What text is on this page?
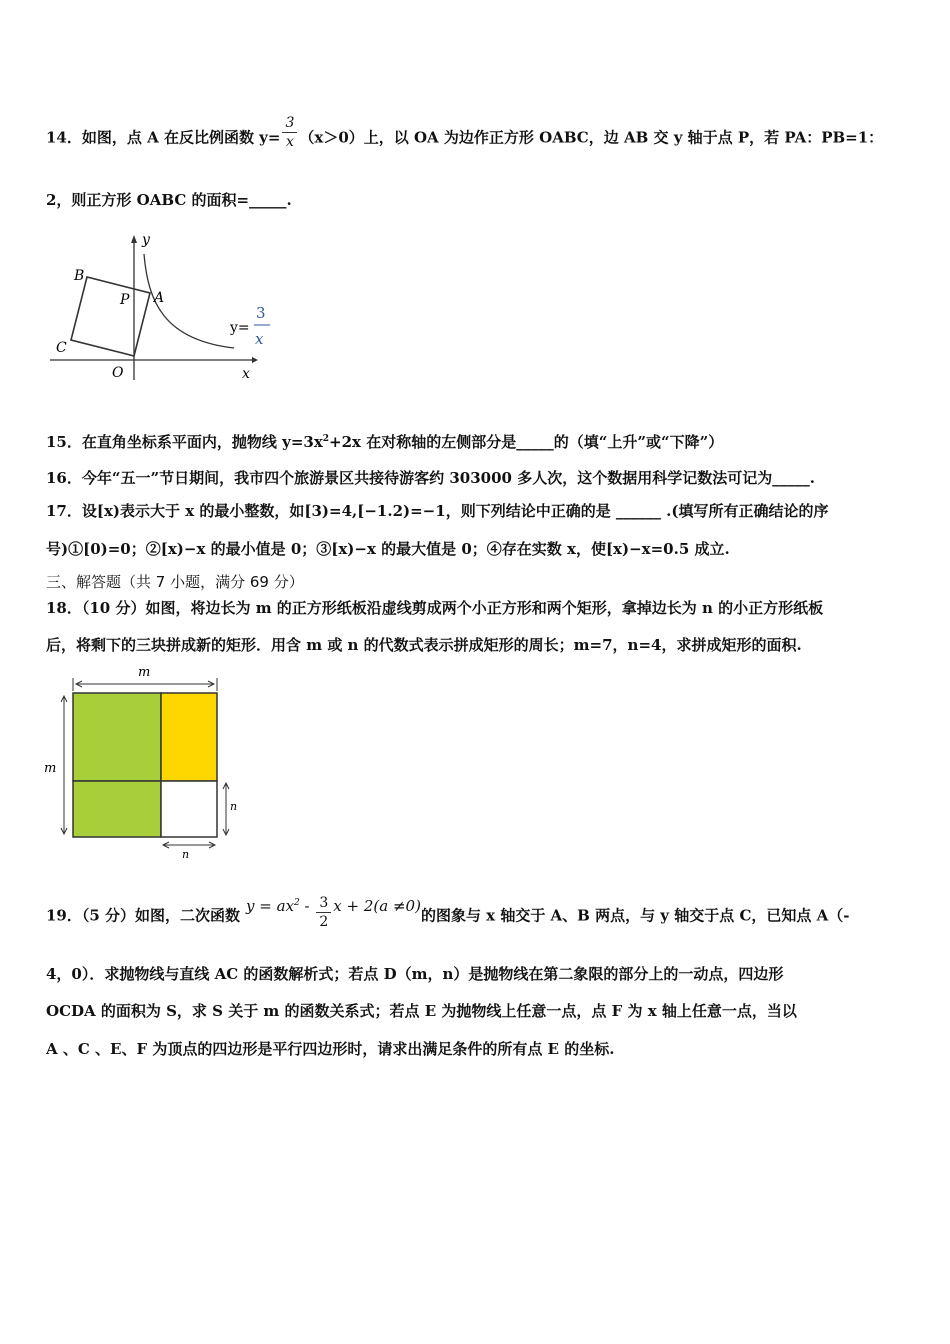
14．如图，点 A 在反比例函数 $y= \frac{3}{x} (x>0)$上，以 OA 为边作正方形 OABC，边 AB 交 y 轴于点 P，若 PA：PB=1：
2，则正方形 OABC 的面积=_____.
y
x
O
A
B
C
P
y=
3
x
15．在直角坐标系平面内，抛物线 $y=3x^2+2x$ 在对称轴的左侧部分是_____的（填“上升”或“下降”）
16．今年“五一”节日期间，我市四个旅游景区共接待游客约 303000 多人次，这个数据用科学记数法可记为_____.
17．设[x)表示大于 x 的最小整数，如[3)=4,[−1.2)=−1，则下列结论中正确的是 ______ .(填写所有正确结论的序
号)①[0)=0；②[x)−x 的最小值是 0；③[x)−x 的最大值是 0；④存在实数 x，使[x)−x=0.5 成立.
三、解答题（共 7 小题，满分 69 分）
18．（10 分）如图，将边长为 m 的正方形纸板沿虚线剪成两个小正方形和两个矩形，拿掉边长为 n 的小正方形纸板
后，将剩下的三块拼成新的矩形．用含 m 或 n 的代数式表示拼成矩形的周长；m=7，n=4，求拼成矩形的面积.
m
m
n
n
19．（5 分）如图，二次函数$y = ax^2 - \frac{3}{2}$ x + 2(a ≠0)的图象与 x 轴交于 A、B 两点，与 y 轴交于点 C，已知点 A（-
4，0）．求抛物线与直线 AC 的函数解析式；若点 D（m，n）是抛物线在第二象限的部分上的一动点，四边形
OCDA 的面积为 S，求 S 关于 m 的函数关系式；若点 E 为抛物线上任意一点，点 F 为 x 轴上任意一点，当以
A 、C 、E、F 为顶点的四边形是平行四边形时，请求出满足条件的所有点 E 的坐标.
